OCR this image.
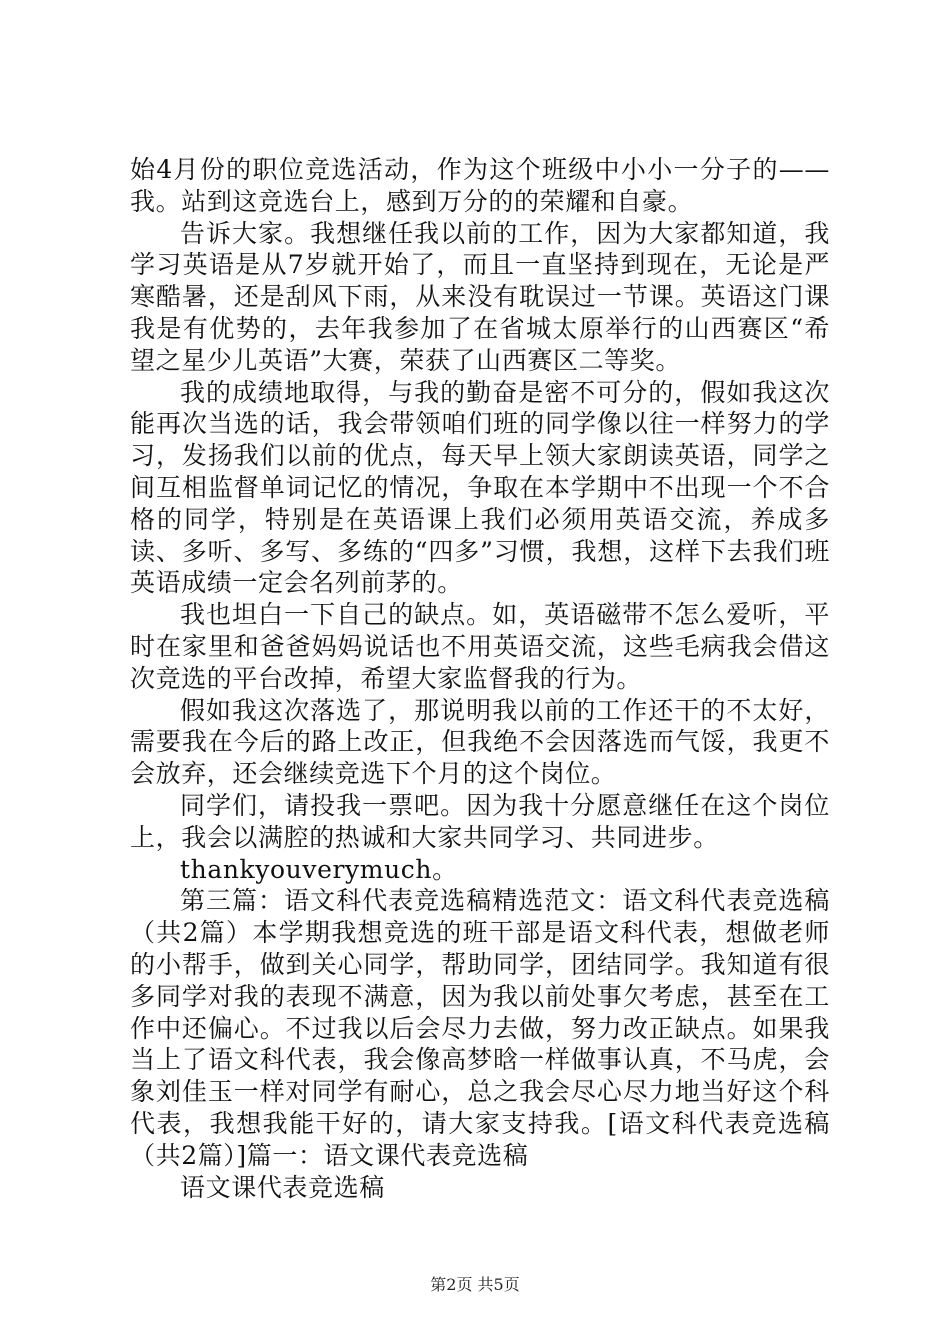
始4月份的职位竞选活动，作为这个班级中小小一分子的——我。站到这竞选台上，感到万分的的荣耀和自豪。

告诉大家。我想继任我以前的工作，因为大家都知道，我学习英语是从7岁就开始了，而且一直坚持到现在，无论是严寒酷暑，还是刮风下雨，从来没有耽误过一节课。英语这门课我是有优势的，去年我参加了在省城太原举行的山西赛区“希望之星少儿英语”大赛，荣获了山西赛区二等奖。

我的成绩地取得，与我的勤奋是密不可分的，假如我这次能再次当选的话，我会带领咱们班的同学像以往一样努力的学习，发扬我们以前的优点，每天早上领大家朗读英语，同学之间互相监督单词记忆的情况，争取在本学期中不出现一个不合格的同学，特别是在英语课上我们必须用英语交流，养成多读、多听、多写、多练的“四多”习惯，我想，这样下去我们班英语成绩一定会名列前茅的。

我也坦白一下自己的缺点。如，英语磁带不怎么爱听，平时在家里和爸爸妈妈说话也不用英语交流，这些毛病我会借这次竞选的平台改掉，希望大家监督我的行为。

假如我这次落选了，那说明我以前的工作还干的不太好，需要我在今后的路上改正，但我绝不会因落选而气馁，我更不会放弃，还会继续竞选下个月的这个岗位。

同学们，请投我一票吧。因为我十分愿意继任在这个岗位上，我会以满腔的热诚和大家共同学习、共同进步。

thankyouverymuch。

第三篇：语文科代表竞选稿精选范文：语文科代表竞选稿（共2篇）本学期我想竞选的班干部是语文科代表，想做老师的小帮手，做到关心同学，帮助同学，团结同学。我知道有很多同学对我的表现不满意，因为我以前处事欠考虑，甚至在工作中还偏心。不过我以后会尽力去做，努力改正缺点。如果我当上了语文科代表，我会像高梦晗一样做事认真，不马虎，会象刘佳玉一样对同学有耐心，总之我会尽心尽力地当好这个科代表，我想我能干好的，请大家支持我。[语文科代表竞选稿（共2篇）]篇一：语文课代表竞选稿

语文课代表竞选稿

第2页 共5页
